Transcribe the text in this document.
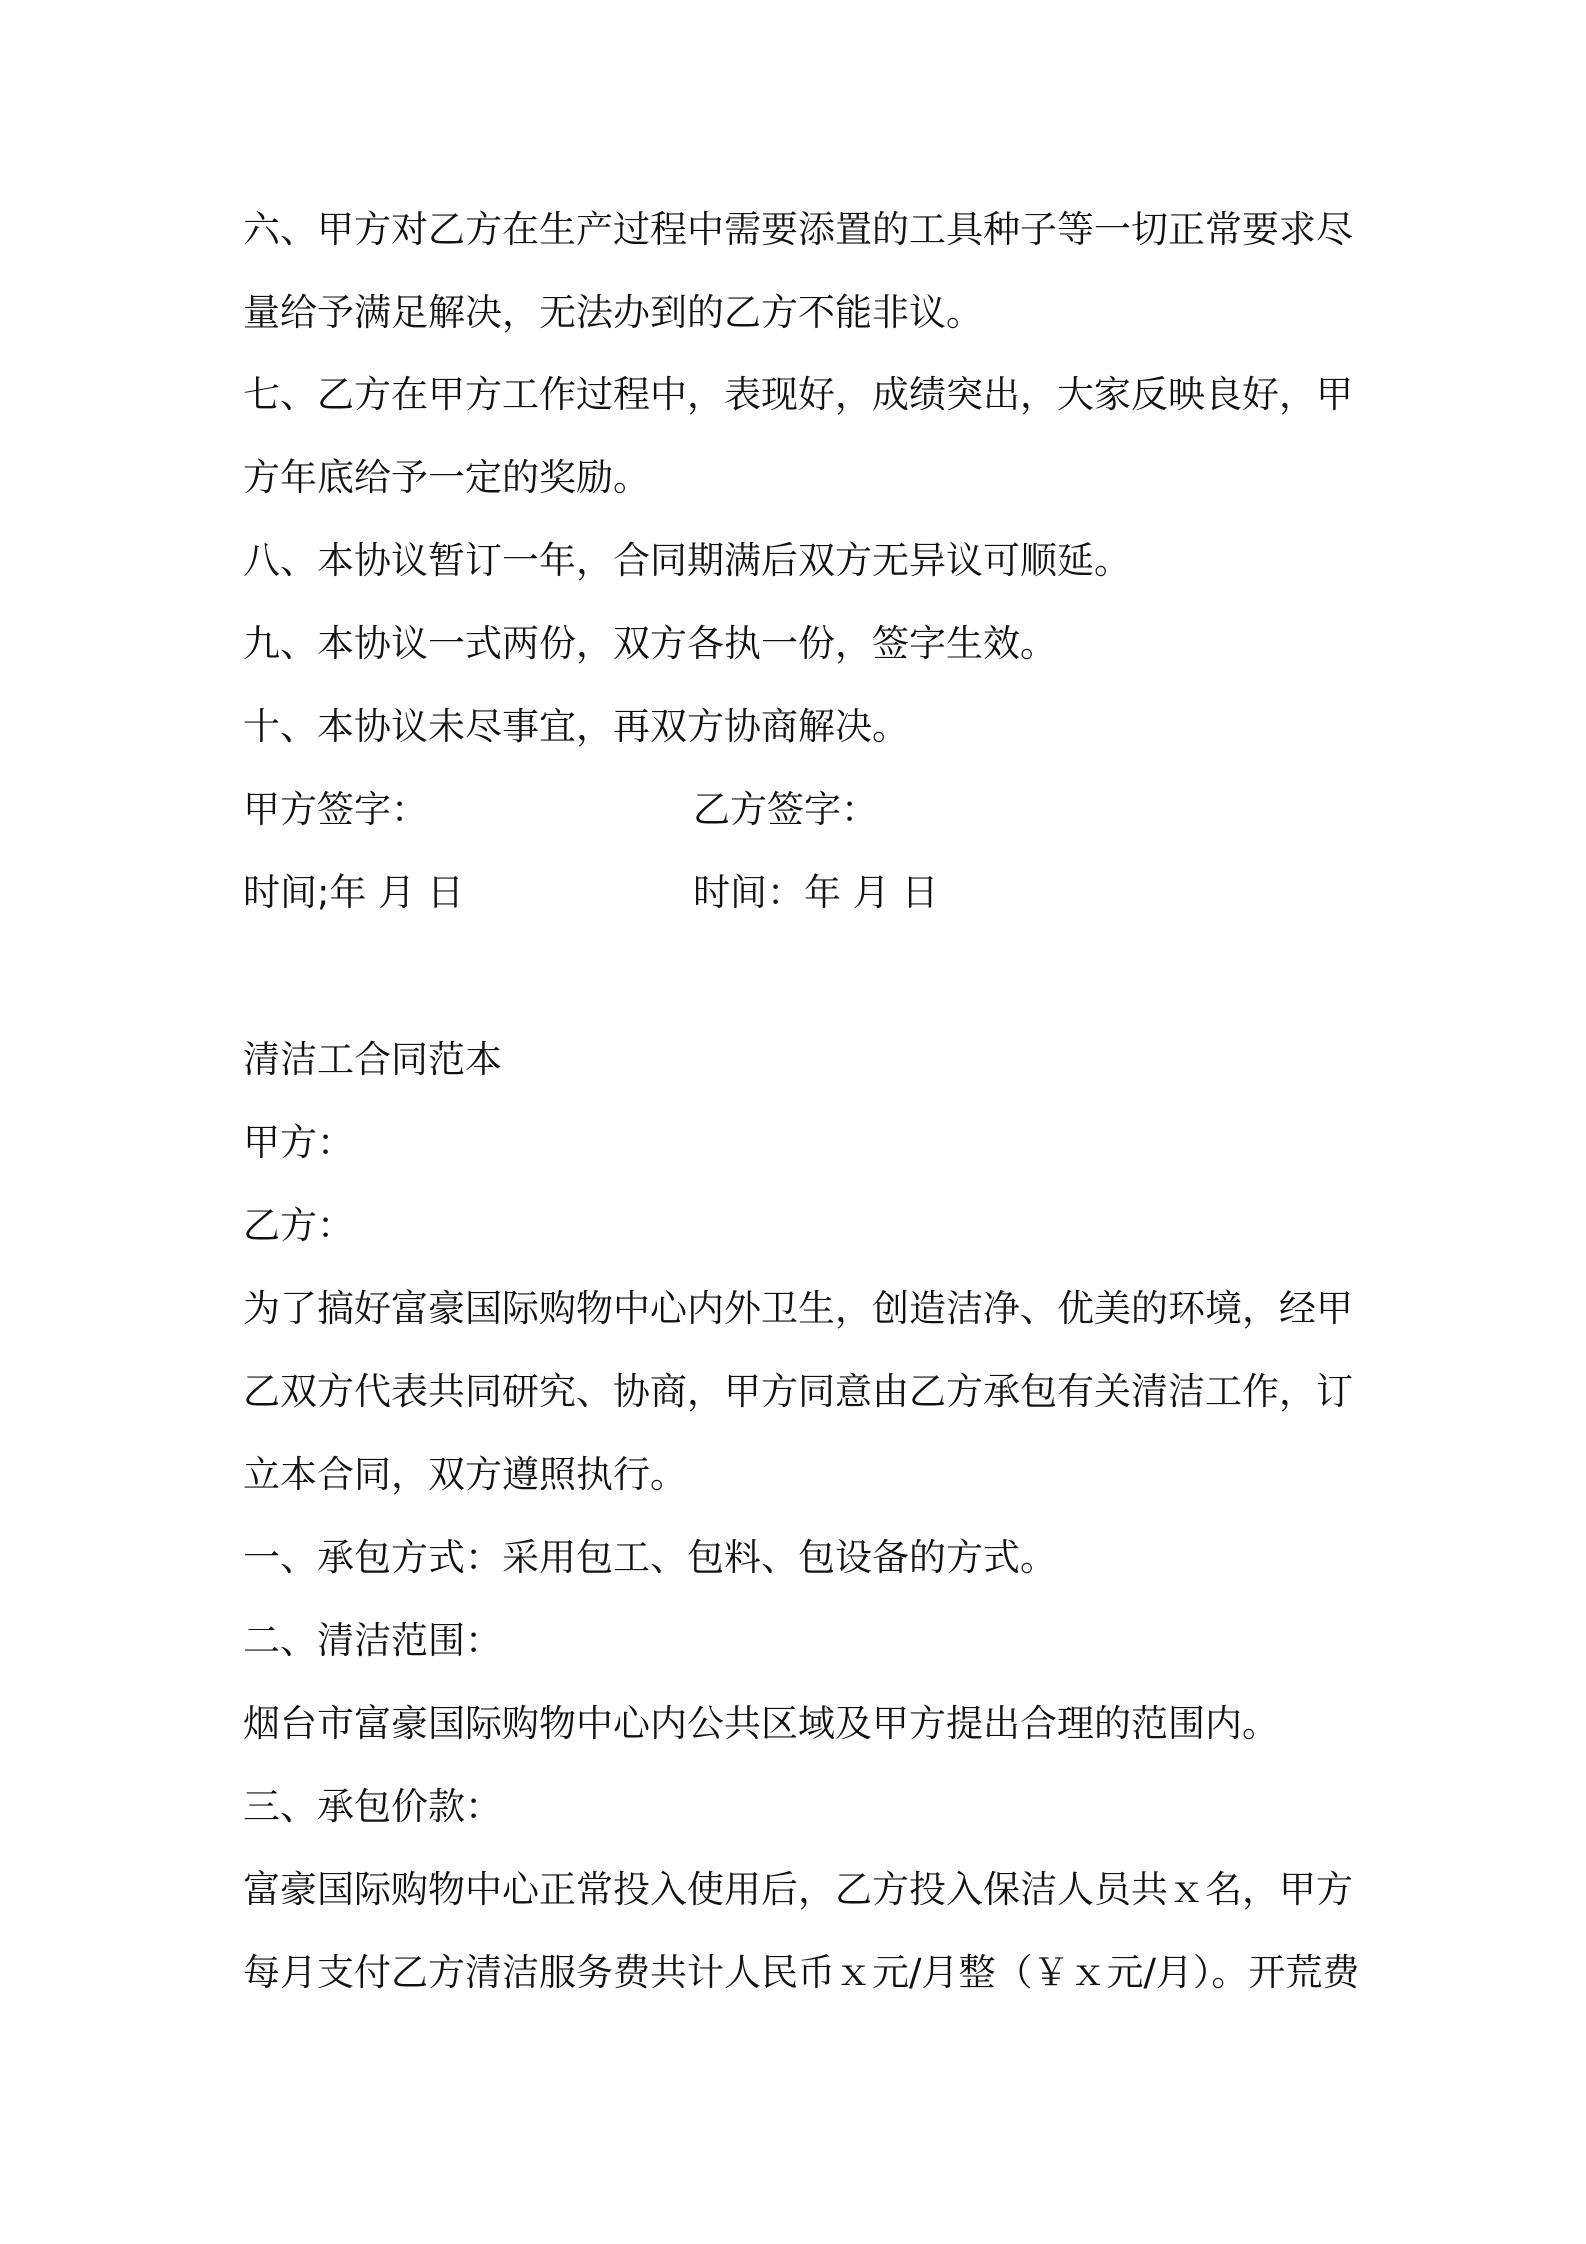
六、甲方对乙方在生产过程中需要添置的工具种子等一切正常要求尽
量给予满足解决，无法办到的乙方不能非议。
七、乙方在甲方工作过程中，表现好，成绩突出，大家反映良好，甲
方年底给予一定的奖励。
八、本协议暂订一年，合同期满后双方无异议可顺延。
九、本协议一式两份，双方各执一份，签字生效。
十、本协议未尽事宜，再双方协商解决。
甲方签字：	乙方签字：
时间;年 月 日	时间：年 月 日
清洁工合同范本
甲方：
乙方：
为了搞好富豪国际购物中心内外卫生，创造洁净、优美的环境，经甲
乙双方代表共同研究、协商，甲方同意由乙方承包有关清洁工作，订
立本合同，双方遵照执行。
一、承包方式：采用包工、包料、包设备的方式。
二、清洁范围：
烟台市富豪国际购物中心内公共区域及甲方提出合理的范围内。
三、承包价款：
富豪国际购物中心正常投入使用后，乙方投入保洁人员共ｘ名，甲方
每月支付乙方清洁服务费共计人民币ｘ元/月整（￥ｘ元/月）。开荒费
